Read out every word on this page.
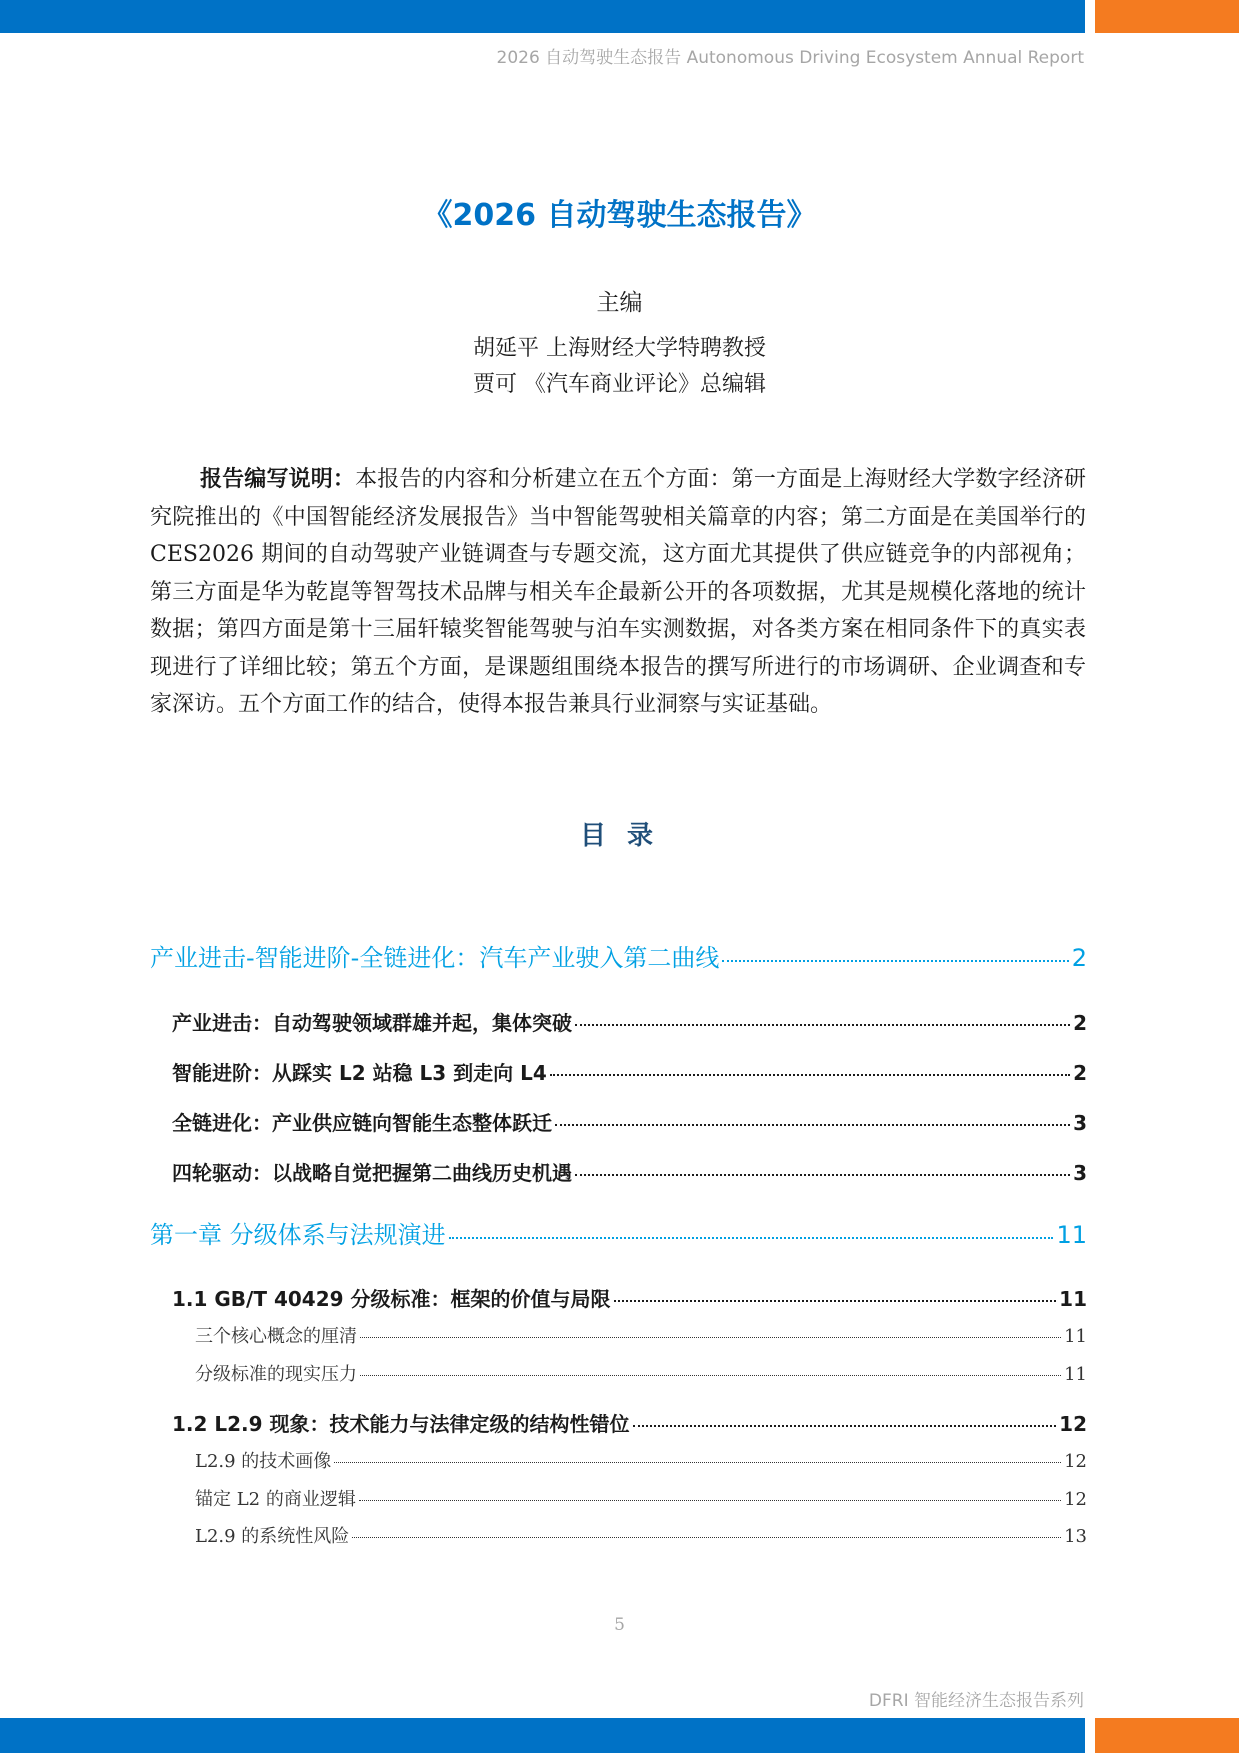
2026 自动驾驶生态报告 Autonomous Driving Ecosystem Annual Report
《2026 自动驾驶生态报告》
主编
胡延平 上海财经大学特聘教授
贾可 《汽车商业评论》总编辑

报告编写说明：本报告的内容和分析建立在五个方面：第一方面是上海财经大学数字经济研究院推出的《中国智能经济发展报告》当中智能驾驶相关篇章的内容；第二方面是在美国举行的 CES2026 期间的自动驾驶产业链调查与专题交流，这方面尤其提供了供应链竞争的内部视角；第三方面是华为乾崑等智驾技术品牌与相关车企最新公开的各项数据，尤其是规模化落地的统计数据；第四方面是第十三届轩辕奖智能驾驶与泊车实测数据，对各类方案在相同条件下的真实表现进行了详细比较；第五个方面，是课题组围绕本报告的撰写所进行的市场调研、企业调查和专家深访。五个方面工作的结合，使得本报告兼具行业洞察与实证基础。

目 录
产业进击-智能进阶-全链进化：汽车产业驶入第二曲线	2
产业进击：自动驾驶领域群雄并起，集体突破	2
智能进阶：从踩实 L2 站稳 L3 到走向 L4	2
全链进化：产业供应链向智能生态整体跃迁	3
四轮驱动：以战略自觉把握第二曲线历史机遇	3
第一章 分级体系与法规演进	11
1.1 GB/T 40429 分级标准：框架的价值与局限	11
三个核心概念的厘清	11
分级标准的现实压力	11
1.2 L2.9 现象：技术能力与法律定级的结构性错位	12
L2.9 的技术画像	12
锚定 L2 的商业逻辑	12
L2.9 的系统性风险	13
5
DFRI 智能经济生态报告系列
